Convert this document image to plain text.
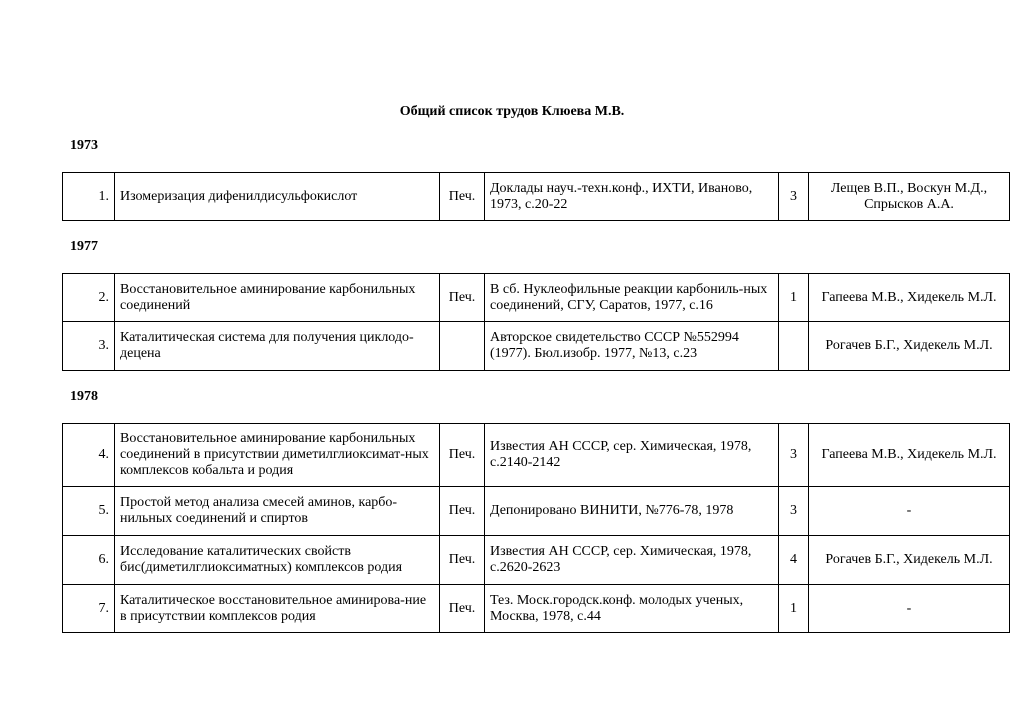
Общий список трудов Клюева М.В.
1973
1.	Изомеризация дифенилдисульфокислот	Печ.	Доклады науч.-техн.конф., ИХТИ, Иваново, 1973, с.20-22	3	Лещев В.П., Воскун М.Д., Спрысков А.А.
1977
2.	Восстановительное аминирование карбонильных соединений	Печ.	В сб. Нуклеофильные реакции карбониль-ных соединений, СГУ, Саратов, 1977, с.16	1	Гапеева М.В., Хидекель М.Л.
3.	Каталитическая система для получения циклодо-децена		Авторское свидетельство СССР №552994 (1977). Бюл.изобр. 1977, №13, с.23		Рогачев Б.Г., Хидекель М.Л.
1978
4.	Восстановительное аминирование карбонильных соединений в присутствии диметилглиоксимат-ных комплексов кобальта и родия	Печ.	Известия АН СССР, сер. Химическая, 1978, с.2140-2142	3	Гапеева М.В., Хидекель М.Л.
5.	Простой метод анализа смесей аминов, карбо-нильных соединений и спиртов	Печ.	Депонировано ВИНИТИ, №776-78, 1978	3	-
6.	Исследование каталитических свойств бис(диметилглиоксиматных) комплексов родия	Печ.	Известия АН СССР, сер. Химическая, 1978, с.2620-2623	4	Рогачев Б.Г., Хидекель М.Л.
7.	Каталитическое восстановительное аминирова-ние в присутствии комплексов родия	Печ.	Тез. Моск.городск.конф. молодых ученых, Москва, 1978, с.44	1	-
